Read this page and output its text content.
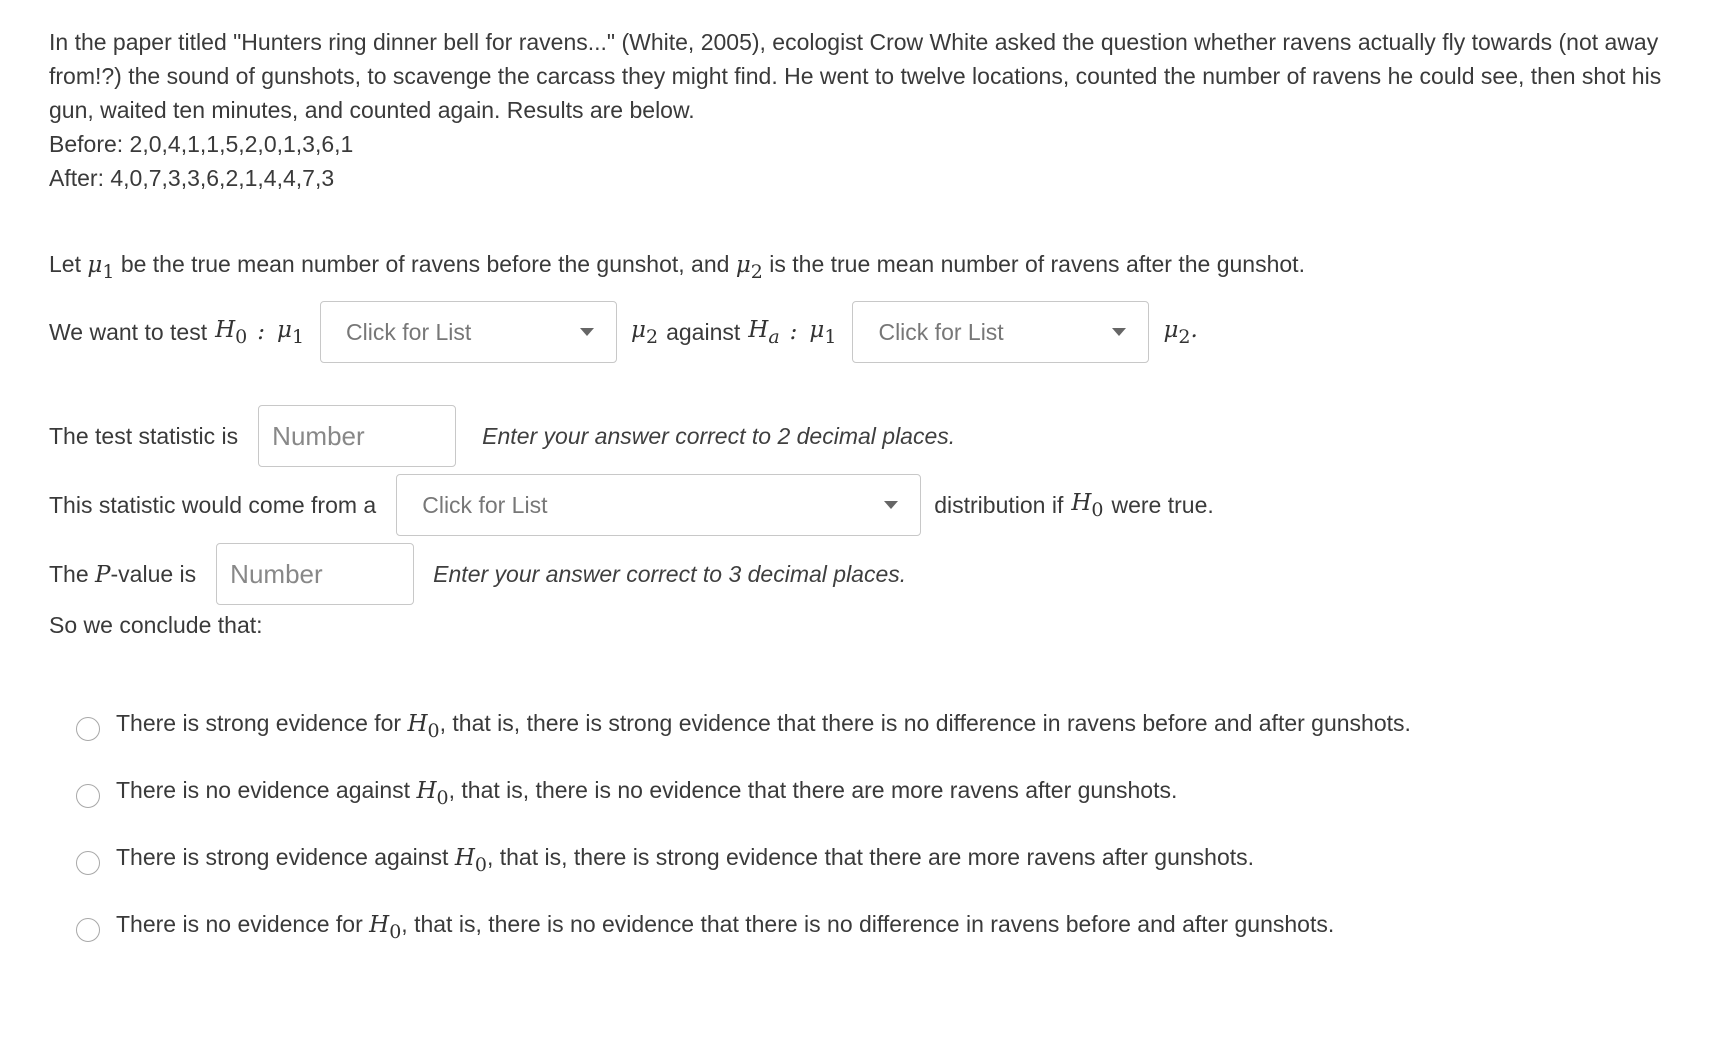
In the paper titled "Hunters ring dinner bell for ravens..." (White, 2005), ecologist Crow White asked the question whether ravens actually fly towards (not away from!?) the sound of gunshots, to scavenge the carcass they might find. He went to twelve locations, counted the number of ravens he could see, then shot his gun, waited ten minutes, and counted again. Results are below.

Before: 2,0,4,1,1,5,2,0,1,3,6,1

After: 4,0,7,3,3,6,2,1,4,4,7,3

Let $\mu_1$ be the true mean number of ravens before the gunshot, and $\mu_2$ is the true mean number of ravens after the gunshot.
We want to test $H_0$ : $\mu_1$ Click for List	$\mu_2$ against $H_a$ : $\mu_1$ Click for List	$\mu_2$.
The test statistic is
Number	Enter your answer correct to 2 decimal places.
This statistic would come from a Click for List	distribution if $H_0$ were true.
The P-value is
Number	Enter your answer correct to 3 decimal places.
So we conclude that:
There is strong evidence for $H_0$, that is, there is strong evidence that there is no difference in ravens before and after gunshots.
There is no evidence against $H_0$, that is, there is no evidence that there are more ravens after gunshots.
There is strong evidence against $H_0$, that is, there is strong evidence that there are more ravens after gunshots.
There is no evidence for $H_0$, that is, there is no evidence that there is no difference in ravens before and after gunshots.
